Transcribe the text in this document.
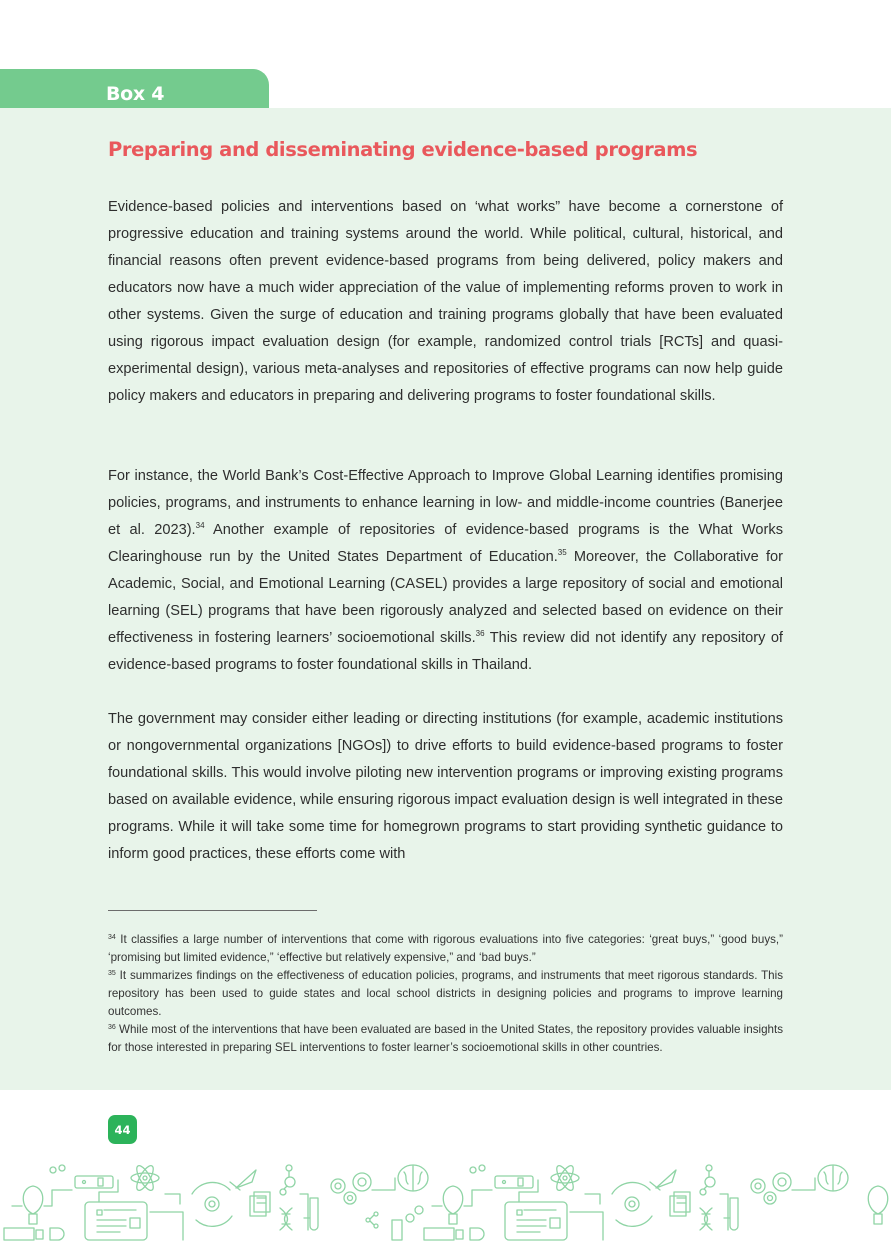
Box 4
Preparing and disseminating evidence-based programs

Evidence-based policies and interventions based on ‘what works” have become a cornerstone of progressive education and training systems around the world. While political, cultural, historical, and financial reasons often prevent evidence-based programs from being delivered, policy makers and educators now have a much wider appreciation of the value of implementing reforms proven to work in other systems. Given the surge of education and training programs globally that have been evaluated using rigorous impact evaluation design (for example, randomized control trials [RCTs] and quasi-experimental design), various meta-analyses and repositories of effective programs can now help guide policy makers and educators in preparing and delivering programs to foster foundational skills.

For instance, the World Bank’s Cost-Effective Approach to Improve Global Learning identifies promising policies, programs, and instruments to enhance learning in low- and middle-income countries (Banerjee et al. 2023).$^{34}$ Another example of repositories of evidence-based programs is the What Works Clearinghouse run by the United States Department of Education.$^{35}$ Moreover, the Collaborative for Academic, Social, and Emotional Learning (CASEL) provides a large repository of social and emotional learning (SEL) programs that have been rigorously analyzed and selected based on evidence on their effectiveness in fostering learners’ socioemotional skills.$^{36}$ This review did not identify any repository of evidence-based programs to foster foundational skills in Thailand.

The government may consider either leading or directing institutions (for example, academic institutions or nongovernmental organizations [NGOs]) to drive efforts to build evidence-based programs to foster foundational skills. This would involve piloting new intervention programs or improving existing programs based on available evidence, while ensuring rigorous impact evaluation design is well integrated in these programs. While it will take some time for homegrown programs to start providing synthetic guidance to inform good practices, these efforts come with

$^{34}$ It classifies a large number of interventions that come with rigorous evaluations into five categories: ‘great buys,” ‘good buys,” ‘promising but limited evidence,” ‘effective but relatively expensive,” and ‘bad buys.”

$^{35}$ It summarizes findings on the effectiveness of education policies, programs, and instruments that meet rigorous standards. This repository has been used to guide states and local school districts in designing policies and programs to improve learning outcomes.

$^{36}$ While most of the interventions that have been evaluated are based in the United States, the repository provides valuable insights for those interested in preparing SEL interventions to foster learner’s socioemotional skills in other countries.

44
